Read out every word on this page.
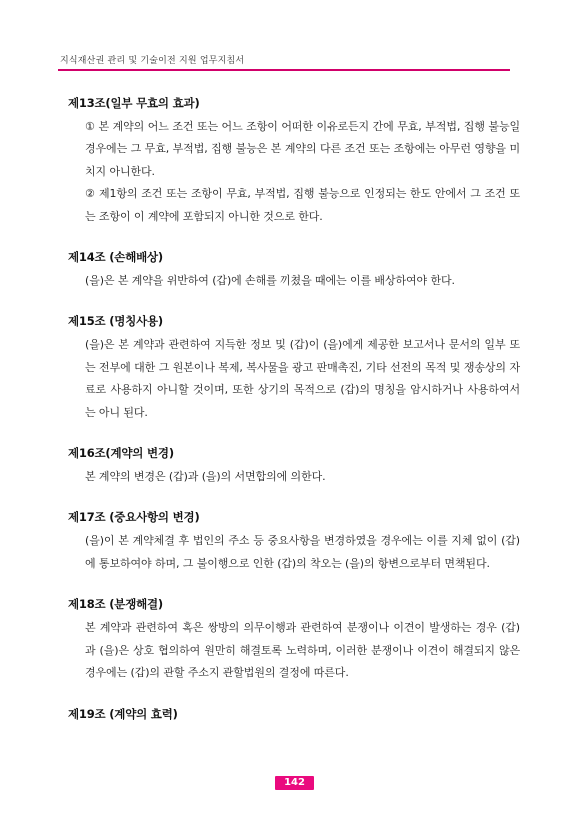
지식재산권 관리 및 기술이전 지원 업무지침서
제13조(일부 무효의 효과)
① 본 계약의 어느 조건 또는 어느 조항이 어떠한 이유로든지 간에 무효, 부적법, 집행 불능일 경우에는 그 무효, 부적법, 집행 불능은 본 계약의 다른 조건 또는 조항에는 아무런 영향을 미치지 아니한다.
② 제1항의 조건 또는 조항이 무효, 부적법, 집행 불능으로 인정되는 한도 안에서 그 조건 또는 조항이 이 계약에 포함되지 아니한 것으로 한다.
제14조 (손해배상)
(을)은 본 계약을 위반하여 (갑)에 손해를 끼쳤을 때에는 이를 배상하여야 한다.
제15조 (명칭사용)
(을)은 본 계약과 관련하여 지득한 정보 및 (갑)이 (을)에게 제공한 보고서나 문서의 일부 또는 전부에 대한 그 원본이나 복제, 복사물을 광고 판매촉진, 기타 선전의 목적 및 쟁송상의 자료로 사용하지 아니할 것이며, 또한 상기의 목적으로 (갑)의 명칭을 암시하거나 사용하여서는 아니 된다.
제16조(계약의 변경)
본 계약의 변경은 (갑)과 (을)의 서면합의에 의한다.
제17조 (중요사항의 변경)
(을)이 본 계약체결 후 법인의 주소 등 중요사항을 변경하였을 경우에는 이를 지체 없이 (갑)에 통보하여야 하며, 그 불이행으로 인한 (갑)의 착오는 (을)의 항변으로부터 면책된다.
제18조 (분쟁해결)
본 계약과 관련하여 혹은 쌍방의 의무이행과 관련하여 분쟁이나 이견이 발생하는 경우 (갑)과 (을)은 상호 협의하여 원만히 해결토록 노력하며, 이러한 분쟁이나 이견이 해결되지 않은 경우에는 (갑)의 관할 주소지 관할법원의 결정에 따른다.
제19조 (계약의 효력)
142
